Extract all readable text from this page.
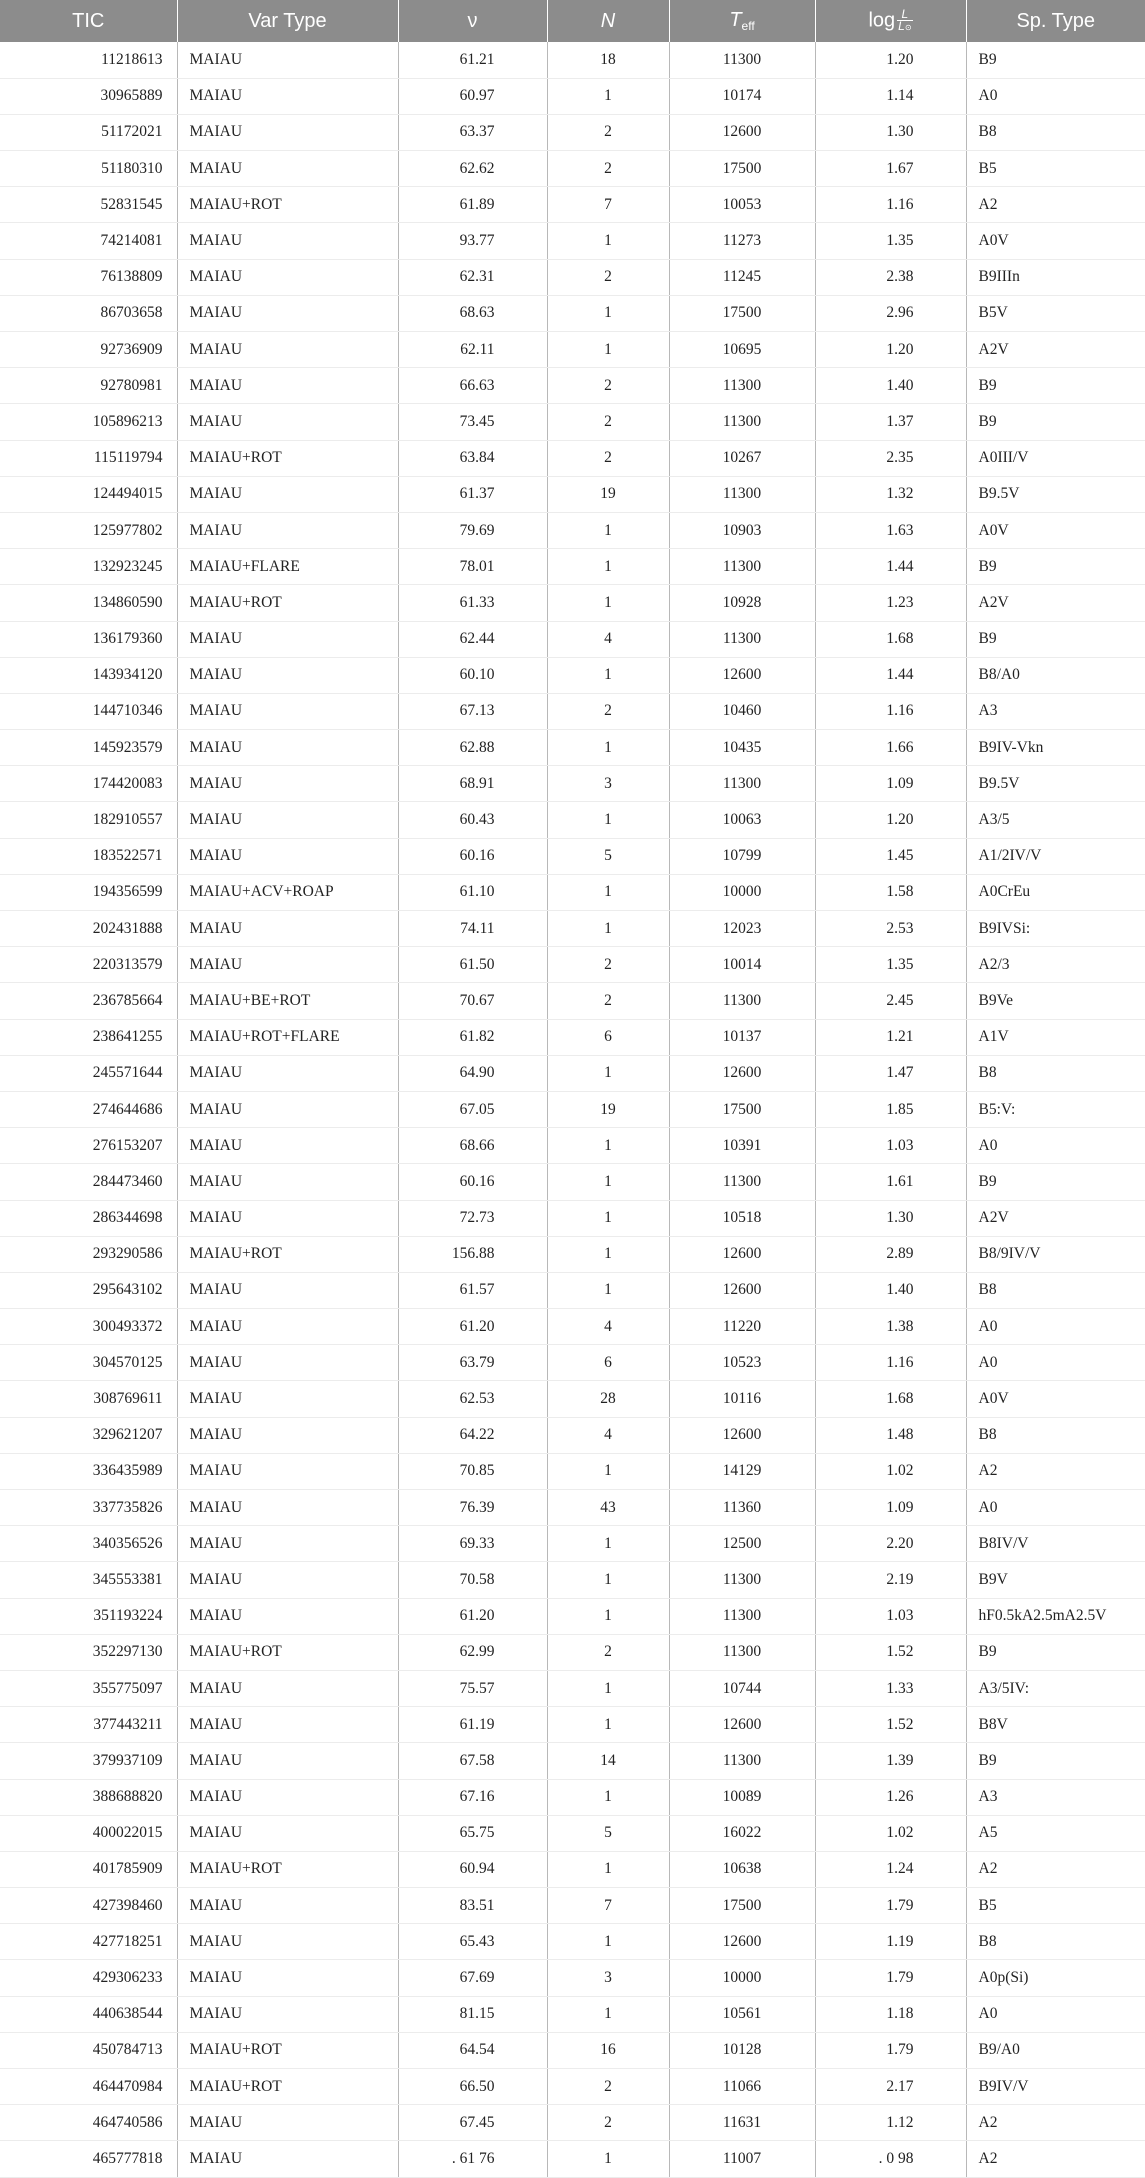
TIC	Var Type	ν	N	$T_{eff}$	$\log \frac{L}{L⊙}$	Sp. Type
11218613	MAIAU	61.21	18	11300	1.20	B9
30965889	MAIAU	60.97	1	10174	1.14	A0
51172021	MAIAU	63.37	2	12600	1.30	B8
51180310	MAIAU	62.62	2	17500	1.67	B5
52831545	MAIAU+ROT	61.89	7	10053	1.16	A2
74214081	MAIAU	93.77	1	11273	1.35	A0V
76138809	MAIAU	62.31	2	11245	2.38	B9IIIn
86703658	MAIAU	68.63	1	17500	2.96	B5V
92736909	MAIAU	62.11	1	10695	1.20	A2V
92780981	MAIAU	66.63	2	11300	1.40	B9
105896213	MAIAU	73.45	2	11300	1.37	B9
115119794	MAIAU+ROT	63.84	2	10267	2.35	A0III/V
124494015	MAIAU	61.37	19	11300	1.32	B9.5V
125977802	MAIAU	79.69	1	10903	1.63	A0V
132923245	MAIAU+FLARE	78.01	1	11300	1.44	B9
134860590	MAIAU+ROT	61.33	1	10928	1.23	A2V
136179360	MAIAU	62.44	4	11300	1.68	B9
143934120	MAIAU	60.10	1	12600	1.44	B8/A0
144710346	MAIAU	67.13	2	10460	1.16	A3
145923579	MAIAU	62.88	1	10435	1.66	B9IV-Vkn
174420083	MAIAU	68.91	3	11300	1.09	B9.5V
182910557	MAIAU	60.43	1	10063	1.20	A3/5
183522571	MAIAU	60.16	5	10799	1.45	A1/2IV/V
194356599	MAIAU+ACV+ROAP	61.10	1	10000	1.58	A0CrEu
202431888	MAIAU	74.11	1	12023	2.53	B9IVSi:
220313579	MAIAU	61.50	2	10014	1.35	A2/3
236785664	MAIAU+BE+ROT	70.67	2	11300	2.45	B9Ve
238641255	MAIAU+ROT+FLARE	61.82	6	10137	1.21	A1V
245571644	MAIAU	64.90	1	12600	1.47	B8
274644686	MAIAU	67.05	19	17500	1.85	B5:V:
276153207	MAIAU	68.66	1	10391	1.03	A0
284473460	MAIAU	60.16	1	11300	1.61	B9
286344698	MAIAU	72.73	1	10518	1.30	A2V
293290586	MAIAU+ROT	156.88	1	12600	2.89	B8/9IV/V
295643102	MAIAU	61.57	1	12600	1.40	B8
300493372	MAIAU	61.20	4	11220	1.38	A0
304570125	MAIAU	63.79	6	10523	1.16	A0
308769611	MAIAU	62.53	28	10116	1.68	A0V
329621207	MAIAU	64.22	4	12600	1.48	B8
336435989	MAIAU	70.85	1	14129	1.02	A2
337735826	MAIAU	76.39	43	11360	1.09	A0
340356526	MAIAU	69.33	1	12500	2.20	B8IV/V
345553381	MAIAU	70.58	1	11300	2.19	B9V
351193224	MAIAU	61.20	1	11300	1.03	hF0.5kA2.5mA2.5V
352297130	MAIAU+ROT	62.99	2	11300	1.52	B9
355775097	MAIAU	75.57	1	10744	1.33	A3/5IV:
377443211	MAIAU	61.19	1	12600	1.52	B8V
379937109	MAIAU	67.58	14	11300	1.39	B9
388688820	MAIAU	67.16	1	10089	1.26	A3
400022015	MAIAU	65.75	5	16022	1.02	A5
401785909	MAIAU+ROT	60.94	1	10638	1.24	A2
427398460	MAIAU	83.51	7	17500	1.79	B5
427718251	MAIAU	65.43	1	12600	1.19	B8
429306233	MAIAU	67.69	3	10000	1.79	A0p(Si)
440638544	MAIAU	81.15	1	10561	1.18	A0
450784713	MAIAU+ROT	64.54	16	10128	1.79	B9/A0
464470984	MAIAU+ROT	66.50	2	11066	2.17	B9IV/V
464740586	MAIAU	67.45	2	11631	1.12	A2
465777818	MAIAU	. 61 76	1	11007	. 0 98	A2
